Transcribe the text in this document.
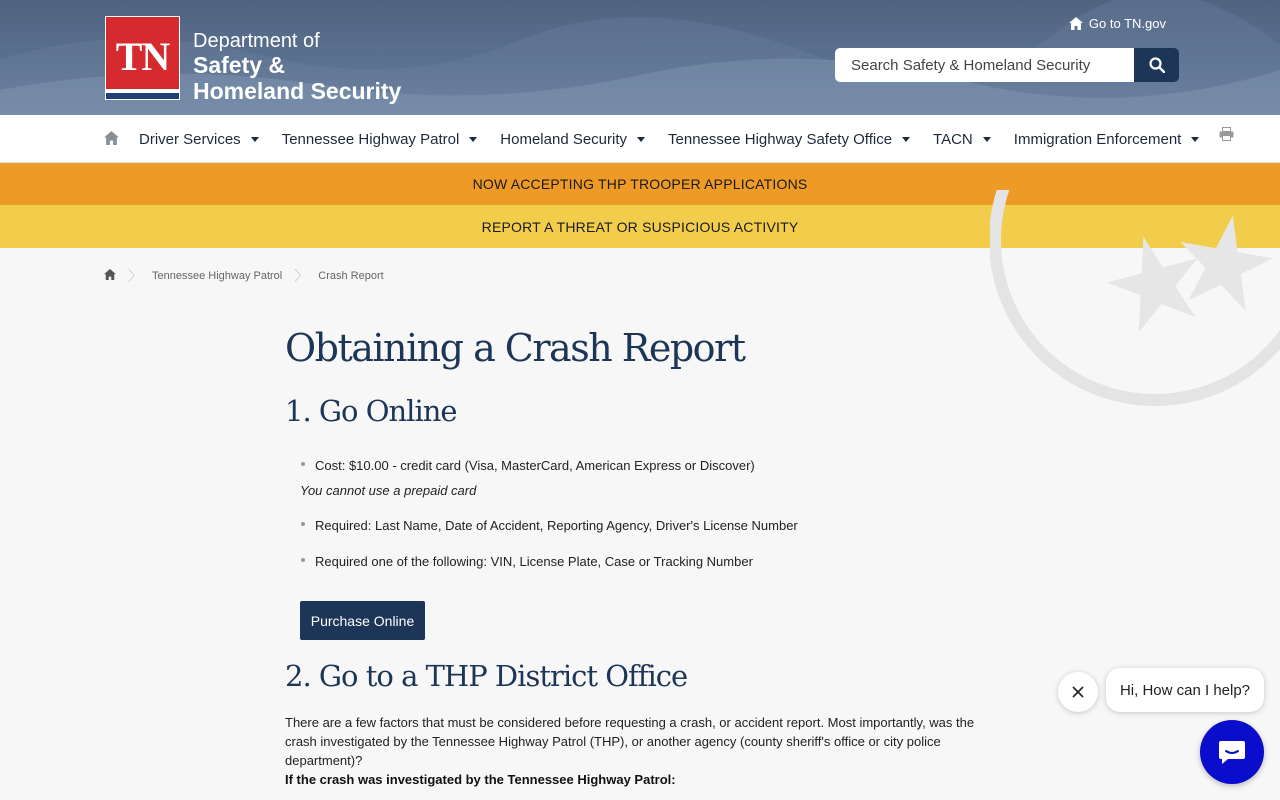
TN	Department of
Safety &
Homeland Security
Go to TN.gov
Search Safety & Homeland Security
Driver Services	Tennessee Highway Patrol	Homeland Security	Tennessee Highway Safety Office	TACN	Immigration Enforcement
NOW ACCEPTING THP TROOPER APPLICATIONS
REPORT A THREAT OR SUSPICIOUS ACTIVITY
〉 Tennessee Highway Patrol 〉 Crash Report
Obtaining a Crash Report
1. Go Online
Cost: $10.00 - credit card (Visa, MasterCard, American Express or Discover)
You cannot use a prepaid card
Required: Last Name, Date of Accident, Reporting Agency, Driver's License Number
Required one of the following: VIN, License Plate, Case or Tracking Number
Purchase Online
2. Go to a THP District Office

There are a few factors that must be considered before requesting a crash, or accident report. Most importantly, was the crash investigated by the Tennessee Highway Patrol (THP), or another agency (county sheriff's office or city police department)?

If the crash was investigated by the Tennessee Highway Patrol:

Hi, How can I help?
